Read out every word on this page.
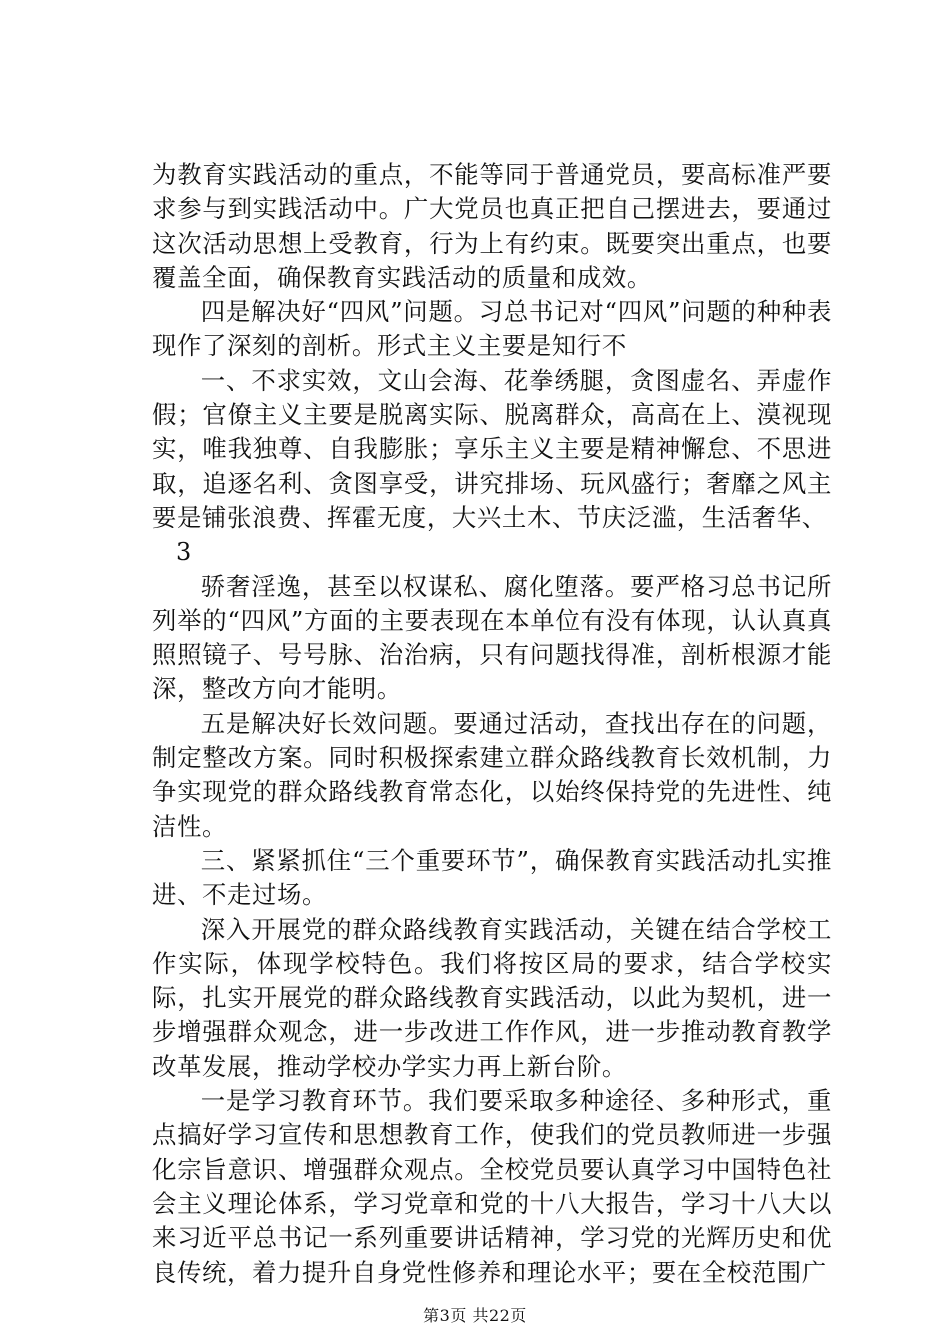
为教育实践活动的重点，不能等同于普通党员，要高标准严要求参与到实践活动中。广大党员也真正把自己摆进去，要通过这次活动思想上受教育，行为上有约束。既要突出重点，也要覆盖全面，确保教育实践活动的质量和成效。

四是解决好“四风”问题。习总书记对“四风”问题的种种表现作了深刻的剖析。形式主义主要是知行不

一、不求实效，文山会海、花拳绣腿，贪图虚名、弄虚作假；官僚主义主要是脱离实际、脱离群众，高高在上、漠视现实，唯我独尊、自我膨胀；享乐主义主要是精神懈怠、不思进取，追逐名利、贪图享受，讲究排场、玩风盛行；奢靡之风主要是铺张浪费、挥霍无度，大兴土木、节庆泛滥，生活奢华、

3

骄奢淫逸，甚至以权谋私、腐化堕落。要严格习总书记所列举的“四风”方面的主要表现在本单位有没有体现，认认真真照照镜子、号号脉、治治病，只有问题找得准，剖析根源才能深，整改方向才能明。

五是解决好长效问题。要通过活动，查找出存在的问题，制定整改方案。同时积极探索建立群众路线教育长效机制，力争实现党的群众路线教育常态化，以始终保持党的先进性、纯洁性。

三、紧紧抓住“三个重要环节”，确保教育实践活动扎实推进、不走过场。

深入开展党的群众路线教育实践活动，关键在结合学校工作实际，体现学校特色。我们将按区局的要求，结合学校实际，扎实开展党的群众路线教育实践活动，以此为契机，进一步增强群众观念，进一步改进工作作风，进一步推动教育教学改革发展，推动学校办学实力再上新台阶。

一是学习教育环节。我们要采取多种途径、多种形式，重点搞好学习宣传和思想教育工作，使我们的党员教师进一步强化宗旨意识、增强群众观点。全校党员要认真学习中国特色社会主义理论体系，学习党章和党的十八大报告，学习十八大以来习近平总书记一系列重要讲话精神，学习党的光辉历史和优良传统，着力提升自身党性修养和理论水平；要在全校范围广

第3页 共22页
